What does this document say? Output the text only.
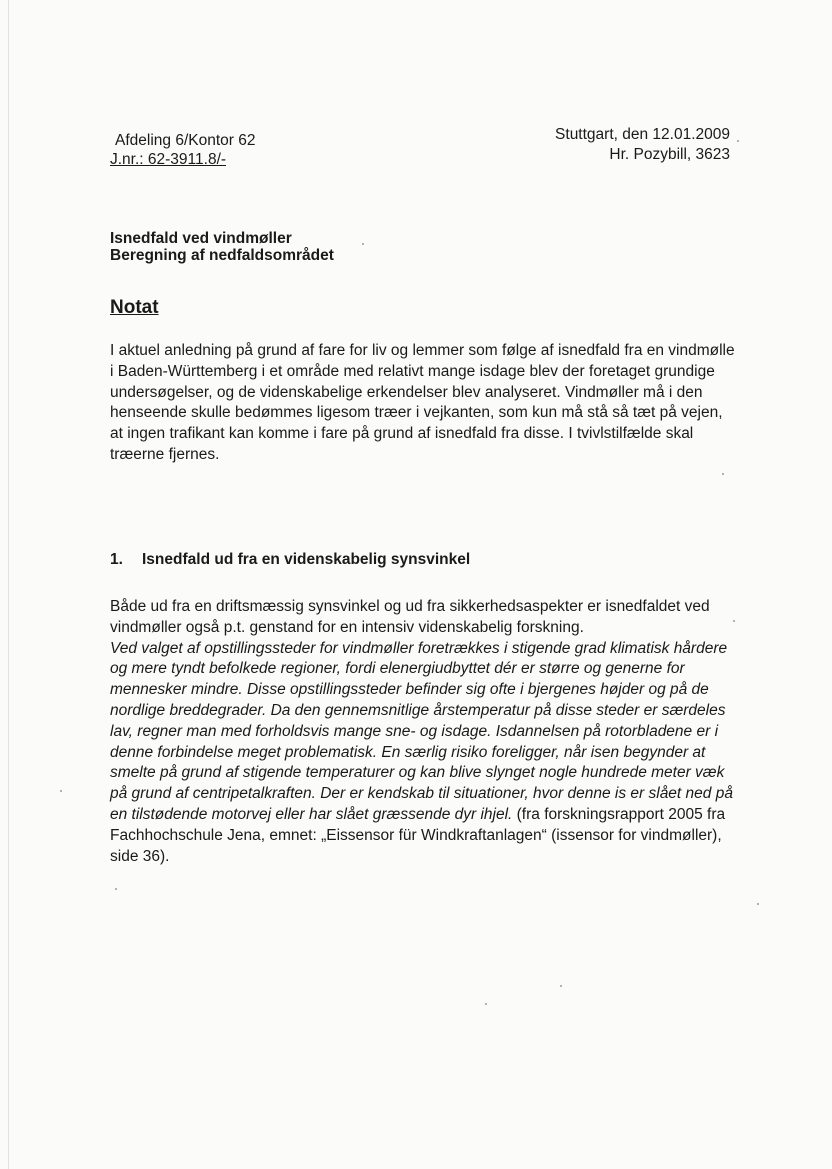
Afdeling 6/Kontor 62
J.nr.: 62-3911.8/-
Stuttgart, den 12.01.2009
Hr. Pozybill, 3623
Isnedfald ved vindmøller
Beregning af nedfaldsområdet
Notat
I aktuel anledning på grund af fare for liv og lemmer som følge af isnedfald fra en vindmølle i Baden-Württemberg i et område med relativt mange isdage blev der foretaget grundige undersøgelser, og de videnskabelige erkendelser blev analyseret. Vindmøller må i den henseende skulle bedømmes ligesom træer i vejkanten, som kun må stå så tæt på vejen, at ingen trafikant kan komme i fare på grund af isnedfald fra disse. I tvivlstilfælde skal træerne fjernes.
1. Isnedfald ud fra en videnskabelig synsvinkel
Både ud fra en driftsmæssig synsvinkel og ud fra sikkerhedsaspekter er isnedfaldet ved vindmøller også p.t. genstand for en intensiv videnskabelig forskning.
Ved valget af opstillingssteder for vindmøller foretrækkes i stigende grad klimatisk hårdere og mere tyndt befolkede regioner, fordi elenergiudbyttet dér er større og generne for mennesker mindre. Disse opstillingssteder befinder sig ofte i bjergenes højder og på de nordlige breddegrader. Da den gennemsnitlige årstemperatur på disse steder er særdeles lav, regner man med forholdsvis mange sne- og isdage. Isdannelsen på rotorbladene er i denne forbindelse meget problematisk. En særlig risiko foreligger, når isen begynder at smelte på grund af stigende temperaturer og kan blive slynget nogle hundrede meter væk på grund af centripetalkraften. Der er kendskab til situationer, hvor denne is er slået ned på en tilstødende motorvej eller har slået græssende dyr ihjel. (fra forskningsrapport 2005 fra Fachhochschule Jena, emnet: „Eissensor für Windkraftanlagen“ (issensor for vindmøller), side 36).
